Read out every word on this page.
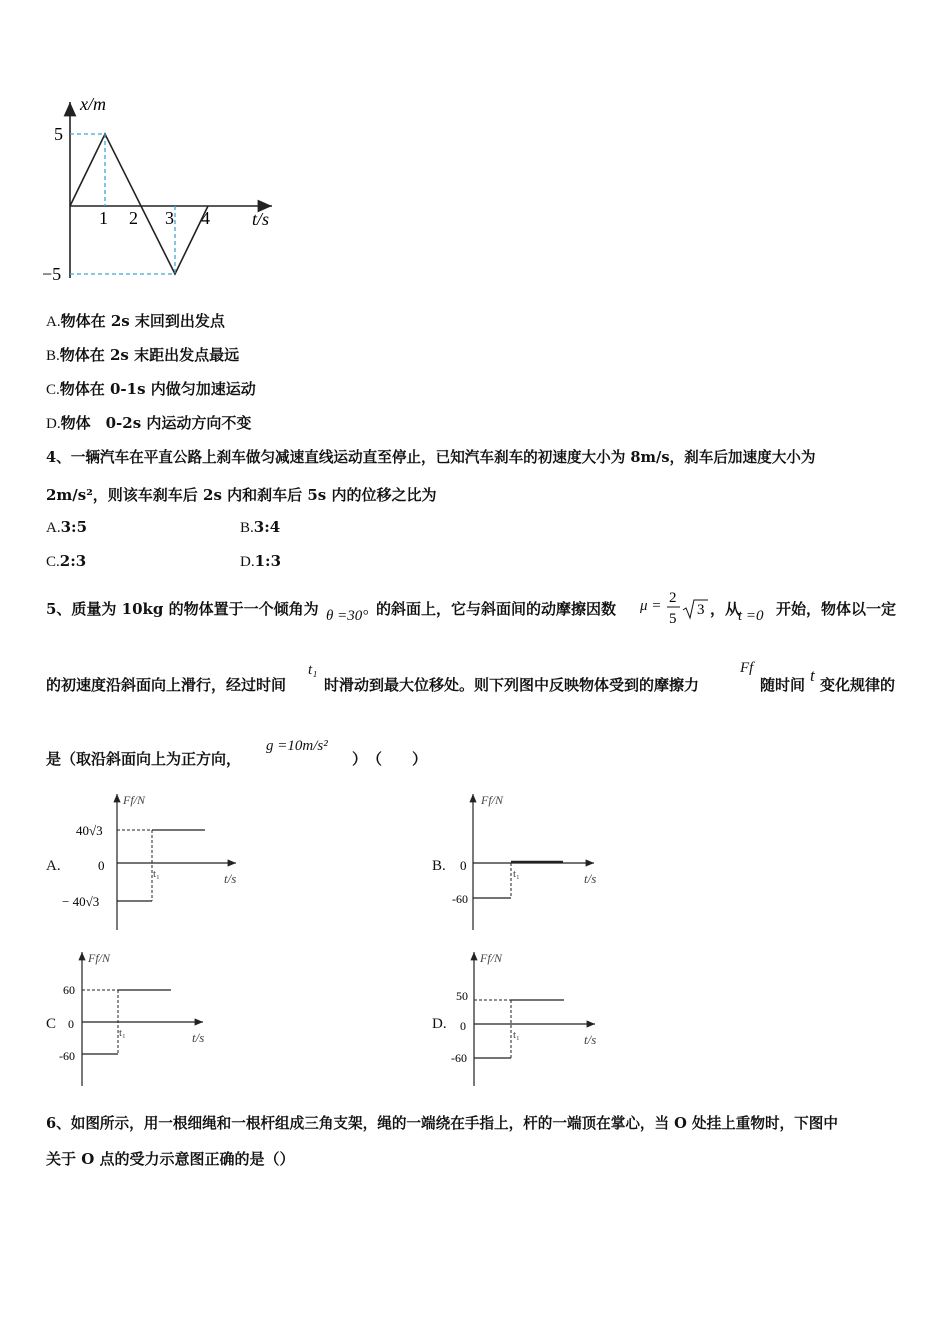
x/m
t/s
5
−5
1 2 3 4
A.物体在 2s 末回到出发点
B.物体在 2s 末距出发点最远
C.物体在 0-1s 内做匀加速运动
D.物体　0-2s 内运动方向不变
4、一辆汽车在平直公路上刹车做匀减速直线运动直至停止，已知汽车刹车的初速度大小为 8m/s，刹车后加速度大小为
2m/s²，则该车刹车后 2s 内和刹车后 5s 内的位移之比为
A.3:5	B.3:4
C.2:3	D.1:3
5、质量为 10kg 的物体置于一个倾角为 θ =30° 的斜面上，它与斜面间的动摩擦因数 μ = 2
5
3 ，从
t =0 开始，物体以一定
的初速度沿斜面向上滑行，经过时间
t₁
时滑动到最大位移处。则下列图中反映物体受到的摩擦力
Ff
随时间 t 变化规律的
是（取沿斜面向上为正方向，
g =10m/s²
）　（　　）
A.
Ff/N
t/s
40√3
0
− 40√3
t₁	B.
Ff/N
t/s
0
-60
t₁
C
Ff/N
t/s
60
0
-60
t₁
D.
Ff/N
t/s
50
0
-60
t₁
6、如图所示，用一根细绳和一根杆组成三角支架，绳的一端绕在手指上，杆的一端顶在掌心，当 O 处挂上重物时，下图中
关于 O 点的受力示意图正确的是（）
